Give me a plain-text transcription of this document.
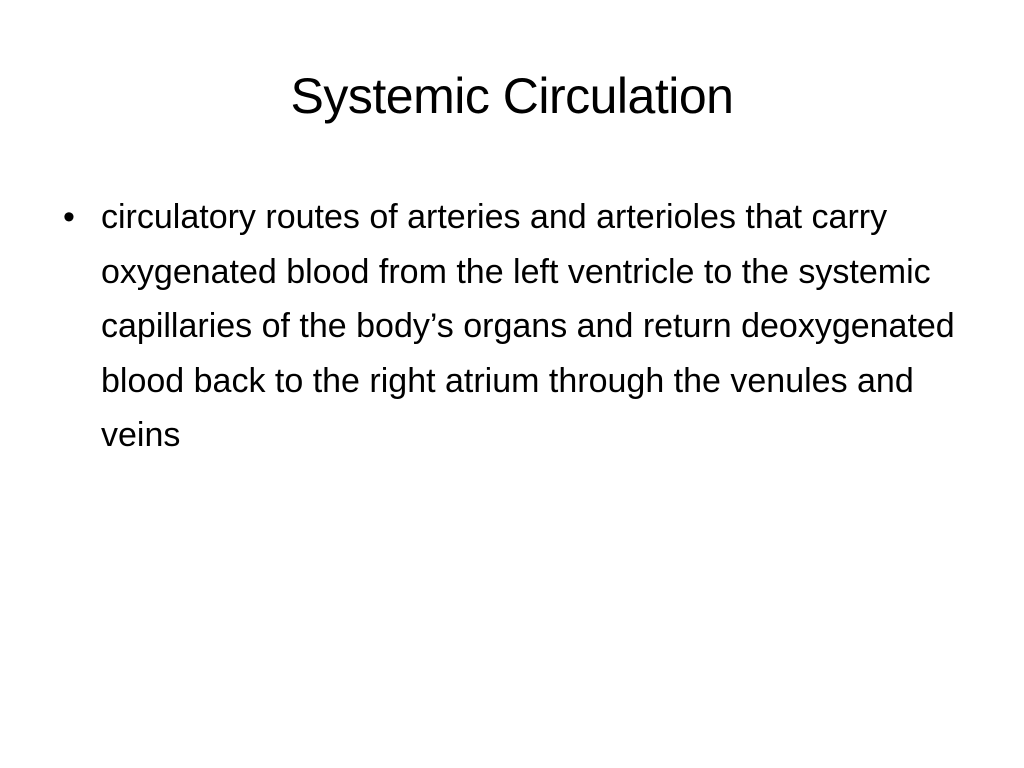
Systemic Circulation
• circulatory routes of arteries and arterioles that carry oxygenated blood from the left ventricle to the systemic capillaries of the body’s organs and return deoxygenated blood back to the right atrium through the venules and veins
